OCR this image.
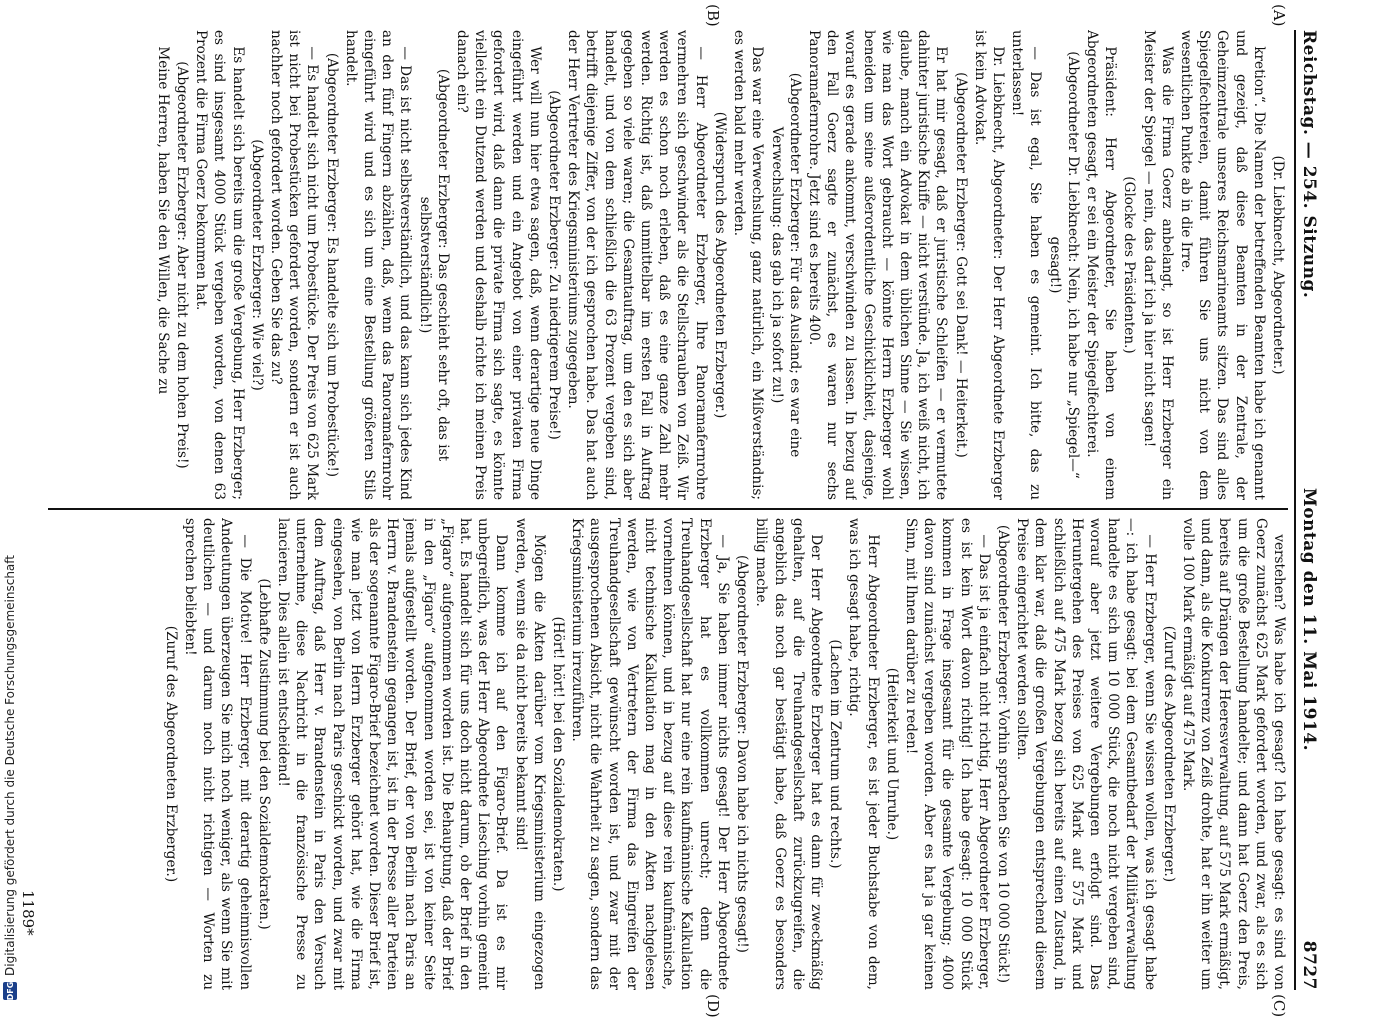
Reichstag. — 254. Sitzung.
Montag den 11. Mai 1914.
8727

(Dr. Liebknecht, Abgeordneter.)

kretion“. Die Namen der betreffenden Beamten habe ich genannt und gezeigt, daß diese Beamten in der Zentrale, der Geheimzentrale unseres Reichsmarineamts sitzen. Das sind alles Spiegelfechtereien, damit führen Sie uns nicht von dem wesentlichen Punkte ab in die Irre.

Was die Firma Goerz anbelangt, so ist Herr Erzberger ein Meister der Spiegel — nein, das darf ich ja hier nicht sagen!

(Glocke des Präsidenten.)

Präsident: Herr Abgeordneter, Sie haben von einem Abgeordneten gesagt, er sei ein Meister der Spiegelfechterei.

(Abgeordneter Dr. Liebknecht: Nein, ich habe nur „Spiegel—“ gesagt!)

— Das ist egal, Sie haben es gemeint. Ich bitte, das zu unterlassen!

Dr. Liebknecht, Abgeordneter: Der Herr Abgeordnete Erzberger ist kein Advokat.

(Abgeordneter Erzberger: Gott sei Dank! — Heiterkeit.)

Er hat mir gesagt, daß er juristische Schleifen — er vermutete dahinter juristische Kniffe — nicht verstünde. Ja, ich weiß nicht, ich glaube, manch ein Advokat in dem üblichen Sinne — Sie wissen, wie man das Wort gebraucht — könnte Herrn Erzberger wohl beneiden um seine außerordentliche Geschicklichkeit, dasjenige, worauf es gerade ankommt, verschwinden zu lassen. In bezug auf den Fall Goerz sagte er zunächst, es waren nur sechs Panoramafernrohre. Jetzt sind es bereits 400.

(Abgeordneter Erzberger: Für das Ausland; es war eine Verwechslung: das gab ich ja sofort zu!)

Das war eine Verwechslung, ganz natürlich, ein Mißverständnis; es werden bald mehr werden.

(Widerspruch des Abgeordneten Erzberger.)

— Herr Abgeordneter Erzberger, Ihre Panoramafernrohre vermehren sich geschwinder als die Stellschrauben von Zeiß. Wir werden es schon noch erleben, daß es eine ganze Zahl mehr werden. Richtig ist, daß unmittelbar im ersten Fall in Auftrag gegeben so viele waren; die Gesamtauftrag, um den es sich aber handelt, und von dem schließlich die 63 Prozent vergeben sind, betrifft diejenige Ziffer, von der ich gesprochen habe. Das hat auch der Herr Vertreter des Kriegsministeriums zugegeben.

(Abgeordneter Erzberger: Zu niedrigerem Preise!)

Wer will nun hier etwa sagen, daß, wenn derartige neue Dinge eingeführt werden und ein Angebot von einer privaten Firma gefordert wird, daß dann die private Firma sich sagte, es könnte vielleicht ein Dutzend werden und deshalb richte ich meinen Preis danach ein?

(Abgeordneter Erzberger: Das geschieht sehr oft, das ist selbstverständlich!)

— Das ist nicht selbstverständlich, und das kann sich jedes Kind an den fünf Fingern abzählen, daß, wenn das Panoramafernrohr eingeführt wird und es sich um eine Bestellung größeren Stils handelt.

(Abgeordneter Erzberger: Es handelte sich um Probestücke!)

— Es handelt sich nicht um Probestücke. Der Preis von 625 Mark ist nicht bei Probestücken gefordert worden, sondern er ist auch nachher noch gefordert worden. Geben Sie das zu?

(Abgeordneter Erzberger: Wie viel?)

Es handelt sich bereits um die große Vergebung, Herr Erzberger; es sind insgesamt 4000 Stück vergeben worden, von denen 63 Prozent die Firma Goerz bekommen hat.

(Abgeordneter Erzberger: Aber nicht zu dem hohen Preis!)

Meine Herren, haben Sie den Willen, die Sache zu

verstehen? Was habe ich gesagt? Ich habe gesagt: es sind von Goerz zunächst 625 Mark gefordert worden, und zwar, als es sich um die große Bestellung handelte; und dann hat Goerz den Preis, bereits auf Drängen der Heeresverwaltung, auf 575 Mark ermäßigt, und dann, als die Konkurrenz von Zeiß drohte, hat er ihn weiter um volle 100 Mark ermäßigt auf 475 Mark.

(Zuruf des Abgeordneten Erzberger.)

— Herr Erzberger, wenn Sie wissen wollen, was ich gesagt habe —: ich habe gesagt: bei dem Gesamtbedarf der Militärverwaltung handelte es sich um 10 000 Stück, die noch nicht vergeben sind, worauf aber jetzt weitere Vergebungen erfolgt sind. Das Heruntergehen des Preises von 625 Mark auf 575 Mark und schließlich auf 475 Mark bezog sich bereits auf einen Zustand, in dem klar war, daß die großen Vergebungen entsprechend diesem Preise eingerichtet werden sollten.

(Abgeordneter Erzberger: Vorhin sprachen Sie von 10 000 Stück!)

— Das ist ja einfach nicht richtig, Herr Abgeordneter Erzberger, es ist kein Wort davon richtig! Ich habe gesagt: 10 000 Stück kommen in Frage insgesamt für die gesamte Vergebung; 4000 davon sind zunächst vergeben worden. Aber es hat ja gar keinen Sinn, mit Ihnen darüber zu reden!

(Heiterkeit und Unruhe.)

Herr Abgeordneter Erzberger, es ist jeder Buchstabe von dem, was ich gesagt habe, richtig.

(Lachen im Zentrum und rechts.)

Der Herr Abgeordnete Erzberger hat es dann für zweckmäßig gehalten, auf die Treuhandgesellschaft zurückzugreifen, die angeblich das noch gar bestätigt habe, daß Goerz es besonders billig mache.

(Abgeordneter Erzberger: Davon habe ich nichts gesagt!)

— Ja, Sie haben immer nichts gesagt! Der Herr Abgeordnete Erzberger hat es vollkommen unrecht; denn die Treuhandgesellschaft hat nur eine rein kaufmännische Kalkulation vornehmen können, und in bezug auf diese rein kaufmännische, nicht technische Kalkulation mag in den Akten nachgelesen werden, wie von Vertretern der Firma das Eingreifen der Treuhandgesellschaft gewünscht worden ist, und zwar mit der ausgesprochenen Absicht, nicht die Wahrheit zu sagen, sondern das Kriegsministerium irrezuführen.

(Hört! hört! bei den Sozialdemokraten.)

Mögen die Akten darüber vom Kriegsministerium eingezogen werden, wenn sie da nicht bereits bekannt sind!

Dann komme ich auf den Figaro-Brief. Da ist es mir unbegreiflich, was der Herr Abgeordnete Liesching vorhin gemeint hat. Es handelt sich für uns doch nicht darum, ob der Brief in den „Figaro“ aufgenommen worden ist. Die Behauptung, daß der Brief in den „Figaro“ aufgenommen worden sei, ist von keiner Seite jemals aufgestellt worden. Der Brief, der von Berlin nach Paris an Herrn v. Brandenstein gegangen ist, ist in der Presse aller Parteien als der sogenannte Figaro-Brief bezeichnet worden. Dieser Brief ist, wie man jetzt von Herrn Erzberger gehört hat, wie die Firma eingesehen, von Berlin nach Paris geschickt worden, und zwar mit dem Auftrag, daß Herr v. Brandenstein in Paris den Versuch unternehme, diese Nachricht in die französische Presse zu lancieren. Dies allein ist entscheidend!

(Lebhafte Zustimmung bei den Sozialdemokraten.)

— Die Motive! Herr Erzberger, mit derartig geheimnisvollen Andeutungen überzeugen Sie mich noch weniger, als wenn Sie mit deutlichen — und darum noch nicht richtigen — Worten zu sprechen beliebten!

(Zuruf des Abgeordneten Erzberger.)

(A)
(B)
(C)
(D)
1189*
DFG
Digitalisierung gefördert durch die Deutsche Forschungsgemeinschaft
